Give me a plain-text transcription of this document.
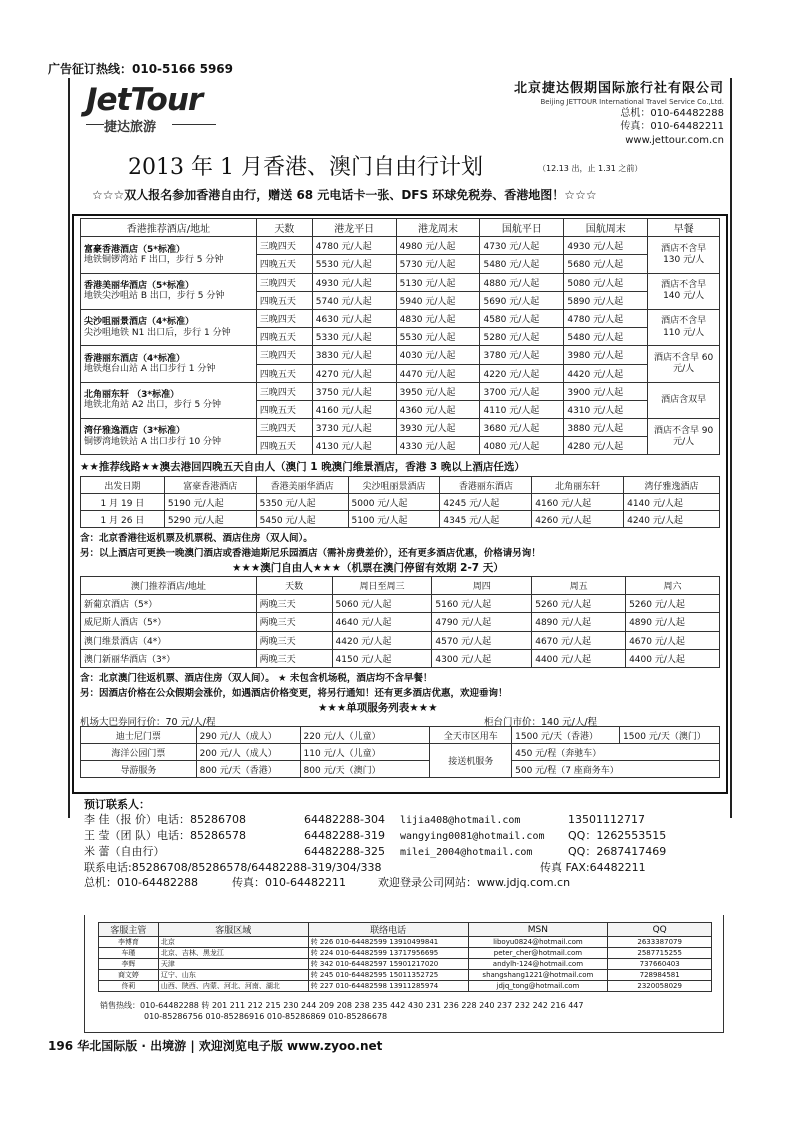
广告征订热线：010-5166 5969
JetTour
捷达旅游
北京捷达假期国际旅行社有限公司
Beijing JETTOUR International Travel Service Co.,Ltd.
总机：010-64482288
传真：010-64482211
www.jettour.com.cn
2013 年 1 月香港、澳门自由行计划	（12.13 出，止 1.31 之前）
☆☆☆双人报名参加香港自由行，赠送 68 元电话卡一张、DFS 环球免税券、香港地图！☆☆☆
香港推荐酒店/地址	天数	港龙平日	港龙周末	国航平日	国航周末	早餐

富豪香港酒店（5*标准）
地铁铜锣湾站 F 出口，步行 5 分钟	三晚四天	4780 元/人起	4980 元/人起	4730 元/人起	4930 元/人起	酒店不含早 130 元/人
	四晚五天	5530 元/人起	5730 元/人起	5480 元/人起	5680 元/人起	

香港美丽华酒店（5*标准）
地铁尖沙咀站 B 出口，步行 5 分钟	三晚四天	4930 元/人起	5130 元/人起	4880 元/人起	5080 元/人起	酒店不含早 140 元/人
	四晚五天	5740 元/人起	5940 元/人起	5690 元/人起	5890 元/人起	

尖沙咀丽景酒店（4*标准）
尖沙咀地铁 N1 出口后，步行 1 分钟	三晚四天	4630 元/人起	4830 元/人起	4580 元/人起	4780 元/人起	酒店不含早 110 元/人
	四晚五天	5330 元/人起	5530 元/人起	5280 元/人起	5480 元/人起	

香港丽东酒店（4*标准）
地铁炮台山站 A 出口步行 1 分钟	三晚四天	3830 元/人起	4030 元/人起	3780 元/人起	3980 元/人起	酒店不含早 60 元/人
	四晚五天	4270 元/人起	4470 元/人起	4220 元/人起	4420 元/人起	

北角丽东轩 （3*标准）
地铁北角站 A2 出口，步行 5 分钟	三晚四天	3750 元/人起	3950 元/人起	3700 元/人起	3900 元/人起	酒店含双早
	四晚五天	4160 元/人起	4360 元/人起	4110 元/人起	4310 元/人起	

湾仔雅逸酒店（3*标准）
铜锣湾地铁站 A 出口步行 10 分钟	三晚四天	3730 元/人起	3930 元/人起	3680 元/人起	3880 元/人起	酒店不含早 90 元/人
	四晚五天	4130 元/人起	4330 元/人起	4080 元/人起	4280 元/人起	
★★推荐线路★★澳去港回四晚五天自由人（澳门 1 晚澳门维景酒店，香港 3 晚以上酒店任选）
出发日期	富豪香港酒店	香港美丽华酒店	尖沙咀丽景酒店	香港丽东酒店	北角丽东轩	湾仔雅逸酒店
1 月 19 日	5190 元/人起	5350 元/人起	5000 元/人起	4245 元/人起	4160 元/人起	4140 元/人起
1 月 26 日	5290 元/人起	5450 元/人起	5100 元/人起	4345 元/人起	4260 元/人起	4240 元/人起
含：北京香港往返机票及机票税、酒店住房（双人间）。
另：以上酒店可更换一晚澳门酒店或香港迪斯尼乐园酒店（需补房费差价），还有更多酒店优惠，价格请另询！
★★★澳门自由人★★★（机票在澳门停留有效期 2-7 天）
澳门推荐酒店/地址	天数	周日至周三	周四	周五	周六
新葡京酒店（5*）	两晚三天	5060 元/人起	5160 元/人起	5260 元/人起	5260 元/人起
威尼斯人酒店（5*）	两晚三天	4640 元/人起	4790 元/人起	4890 元/人起	4890 元/人起
澳门维景酒店（4*）	两晚三天	4420 元/人起	4570 元/人起	4670 元/人起	4670 元/人起
澳门新丽华酒店（3*）	两晚三天	4150 元/人起	4300 元/人起	4400 元/人起	4400 元/人起
含：北京澳门往返机票、酒店住房（双人间）。 ★ 未包含机场税，酒店均不含早餐！
另：因酒店价格在公众假期会涨价，如遇酒店价格变更，将另行通知！还有更多酒店优惠，欢迎垂询！
★★★单项服务列表★★★
机场大巴券同行价：70 元/人/程	柜台门市价：140 元/人/程
迪士尼门票	290 元/人（成人）	220 元/人（儿童）	全天市区用车	1500 元/天（香港）	1500 元/天（澳门）
海洋公园门票	200 元/人（成人）	110 元/人（儿童）	接送机服务	450 元/程（奔驰车）	
导游服务	800 元/天（香港）	800 元/天（澳门）		500 元/程（7 座商务车）	
预订联系人：
李 佳（报 价）电话：85286708	64482288-304 lijia408@hotmail.com	13501112717
王 莹（团 队）电话：85286578	64482288-319 wangying0081@hotmail.com QQ：1262553515
米 蕾（自由行）	64482288-325 milei_2004@hotmail.com	QQ：2687417469
联系电话:85286708/85286578/64482288-319/304/338	传真 FAX:64482211
总机：010-64482288	传真：010-64482211	欢迎登录公司网站：www.jdjq.com.cn
客服主管	客服区域	联络电话	MSN	QQ
李博育	北京	转 226 010-64482599 13910499841	liboyu0824@hotmail.com	2633387079
车瑾	北京、吉林、黑龙江	转 224 010-64482599 13717956695	peter_cher@hotmail.com	2587715255
李辉	天津	转 342 010-64482597 15901217020	andylh-124@hotmail.com	737660403
商文婷	辽宁、山东	转 245 010-64482595 15011352725	shangshang1221@hotmail.com	728984581
佟莉	山西、陕西、内蒙、河北、河南、湖北	转 227 010-64482598 13911285974	jdjq_tong@hotmail.com	2320058029
销售热线：010-64482288 转 201 211 212 215 230 244 209 208 238 235 442 430 231 236 228 240 237 232 242 216 447
010-85286756 010-85286916 010-85286869 010-85286678
196 华北国际版 · 出境游 | 欢迎浏览电子版 www.zyoo.net
